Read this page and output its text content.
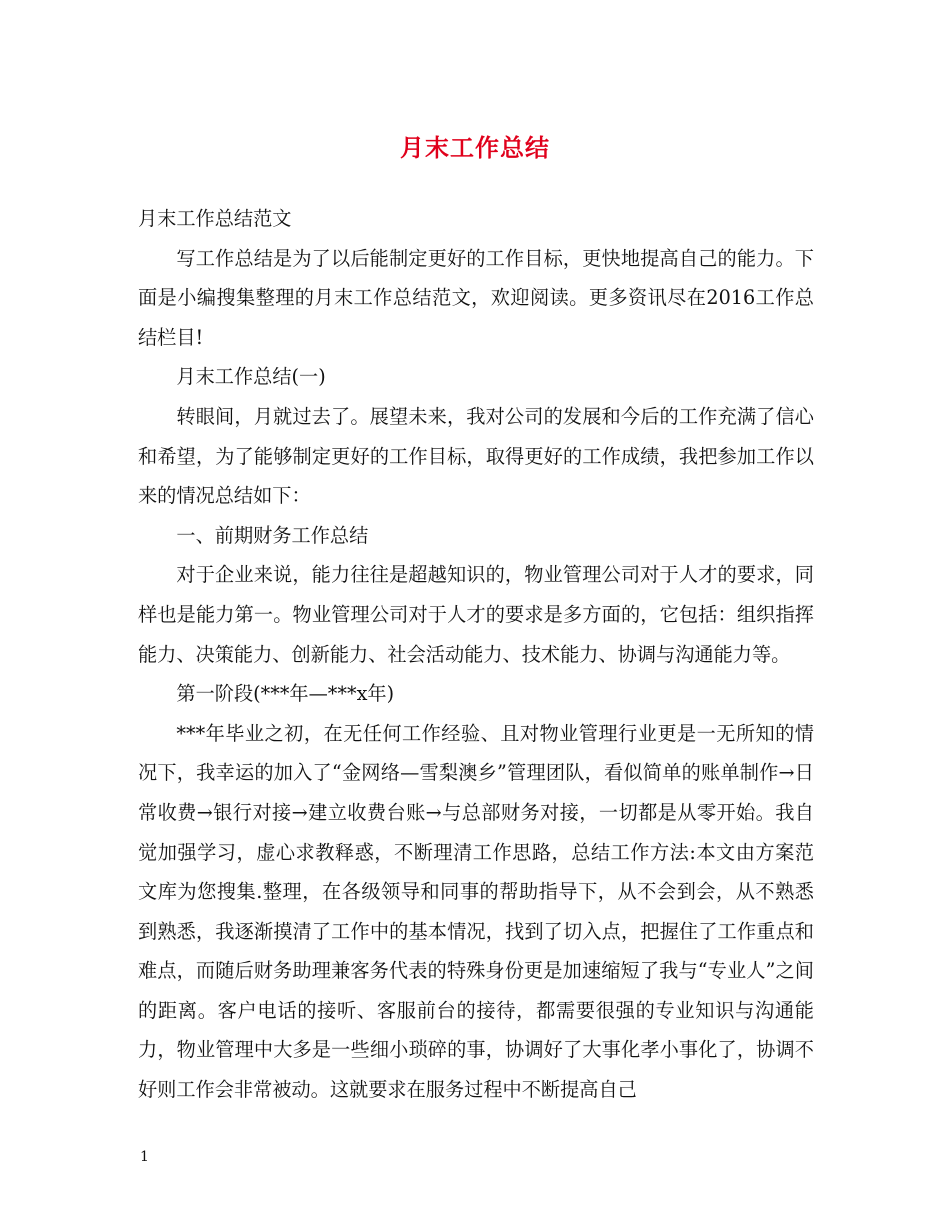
月末工作总结

月末工作总结范文

写工作总结是为了以后能制定更好的工作目标，更快地提高自己的能力。下面是小编搜集整理的月末工作总结范文，欢迎阅读。更多资讯尽在2016工作总结栏目!

月末工作总结(一)

转眼间，月就过去了。展望未来，我对公司的发展和今后的工作充满了信心和希望，为了能够制定更好的工作目标，取得更好的工作成绩，我把参加工作以来的情况总结如下：

一、前期财务工作总结

对于企业来说，能力往往是超越知识的，物业管理公司对于人才的要求，同样也是能力第一。物业管理公司对于人才的要求是多方面的，它包括：组织指挥能力、决策能力、创新能力、社会活动能力、技术能力、协调与沟通能力等。

第一阶段(***年—***x年)

***年毕业之初，在无任何工作经验、且对物业管理行业更是一无所知的情况下，我幸运的加入了“金网络—雪梨澳乡”管理团队，看似简单的账单制作→日常收费→银行对接→建立收费台账→与总部财务对接，一切都是从零开始。我自觉加强学习，虚心求教释惑，不断理清工作思路，总结工作方法:本文由方案范文库为您搜集.整理，在各级领导和同事的帮助指导下，从不会到会，从不熟悉到熟悉，我逐渐摸清了工作中的基本情况，找到了切入点，把握住了工作重点和难点，而随后财务助理兼客务代表的特殊身份更是加速缩短了我与“专业人”之间的距离。客户电话的接听、客服前台的接待，都需要很强的专业知识与沟通能力，物业管理中大多是一些细小琐碎的事，协调好了大事化孝小事化了，协调不好则工作会非常被动。这就要求在服务过程中不断提高自己

1
